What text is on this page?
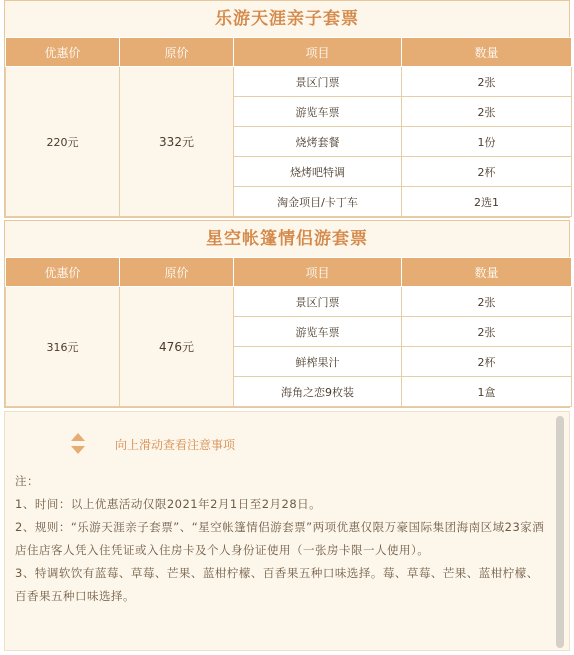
乐游天涯亲子套票
优惠价	原价	项目	数量
220元	332元	景区门票	2张
		游览车票	2张
		烧烤套餐	1份
		烧烤吧特调	2杯
		淘金项目/卡丁车	2选1
星空帐篷情侣游套票
优惠价	原价	项目	数量
316元	476元	景区门票	2张
		游览车票	2张
		鲜榨果汁	2杯
		海角之恋9枚装	1盒
向上滑动查看注意事项

注：

1、时间：以上优惠活动仅限2021年2月1日至2月28日。

2、规则：“乐游天涯亲子套票”、“星空帐篷情侣游套票”两项优惠仅限万豪国际集团海南区域23家酒店住店客人凭入住凭证或入住房卡及个人身份证使用（一张房卡限一人使用）。

3、特调软饮有蓝莓、草莓、芒果、蓝柑柠檬、百香果五种口味选择。莓、草莓、芒果、蓝柑柠檬、百香果五种口味选择。
